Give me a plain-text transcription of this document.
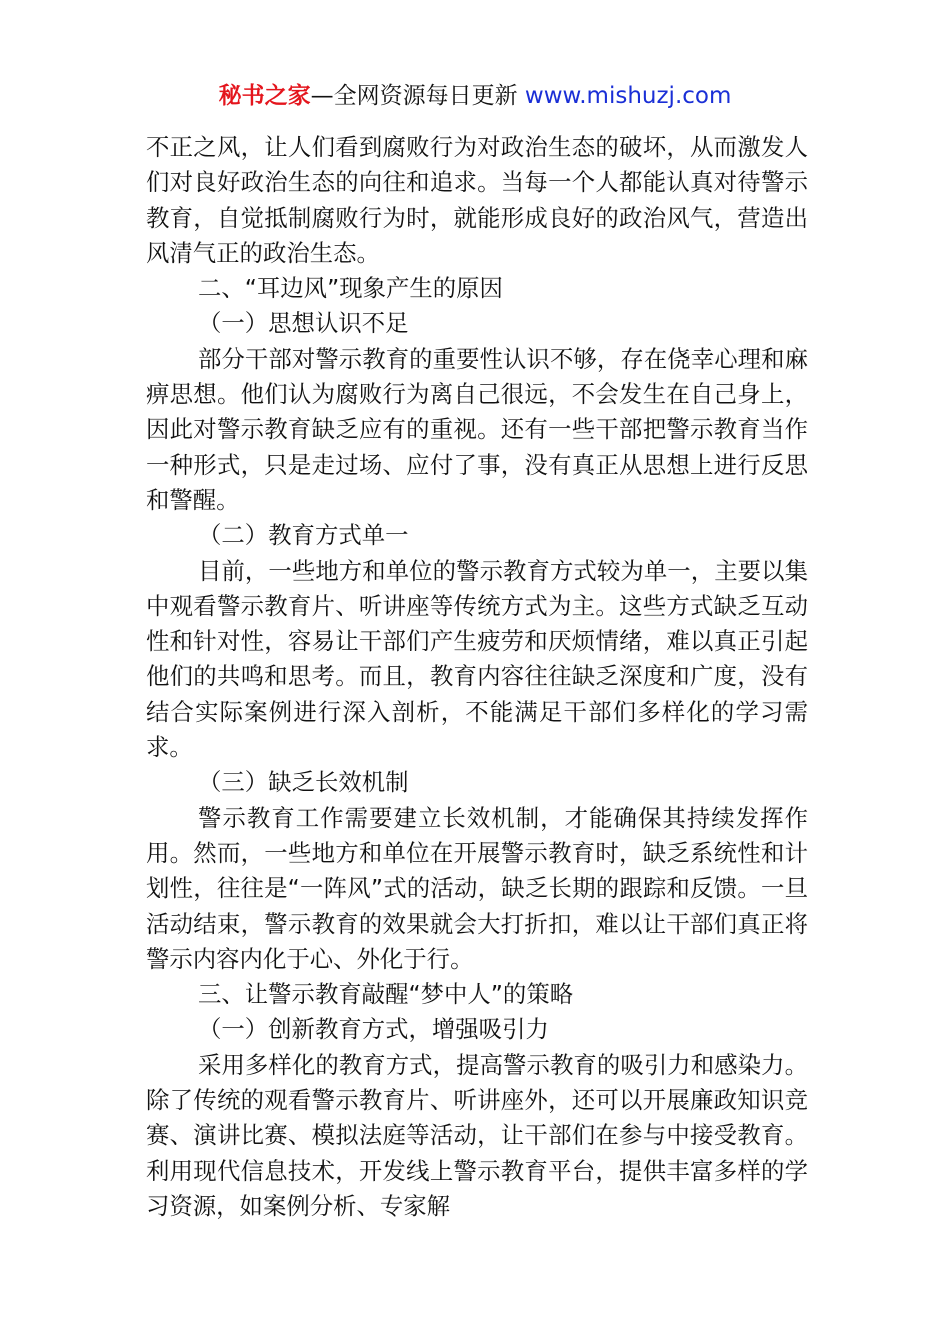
秘书之家—全网资源每日更新 www.mishuzj.com

不正之风，让人们看到腐败行为对政治生态的破坏，从而激发人们对良好政治生态的向往和追求。当每一个人都能认真对待警示教育，自觉抵制腐败行为时，就能形成良好的政治风气，营造出风清气正的政治生态。

二、“耳边风”现象产生的原因

（一）思想认识不足

部分干部对警示教育的重要性认识不够，存在侥幸心理和麻痹思想。他们认为腐败行为离自己很远，不会发生在自己身上，因此对警示教育缺乏应有的重视。还有一些干部把警示教育当作一种形式，只是走过场、应付了事，没有真正从思想上进行反思和警醒。

（二）教育方式单一

目前，一些地方和单位的警示教育方式较为单一，主要以集中观看警示教育片、听讲座等传统方式为主。这些方式缺乏互动性和针对性，容易让干部们产生疲劳和厌烦情绪，难以真正引起他们的共鸣和思考。而且，教育内容往往缺乏深度和广度，没有结合实际案例进行深入剖析，不能满足干部们多样化的学习需求。

（三）缺乏长效机制

警示教育工作需要建立长效机制，才能确保其持续发挥作用。然而，一些地方和单位在开展警示教育时，缺乏系统性和计划性，往往是“一阵风”式的活动，缺乏长期的跟踪和反馈。一旦活动结束，警示教育的效果就会大打折扣，难以让干部们真正将警示内容内化于心、外化于行。

三、让警示教育敲醒“梦中人”的策略

（一）创新教育方式，增强吸引力

采用多样化的教育方式，提高警示教育的吸引力和感染力。除了传统的观看警示教育片、听讲座外，还可以开展廉政知识竞赛、演讲比赛、模拟法庭等活动，让干部们在参与中接受教育。利用现代信息技术，开发线上警示教育平台，提供丰富多样的学习资源，如案例分析、专家解
